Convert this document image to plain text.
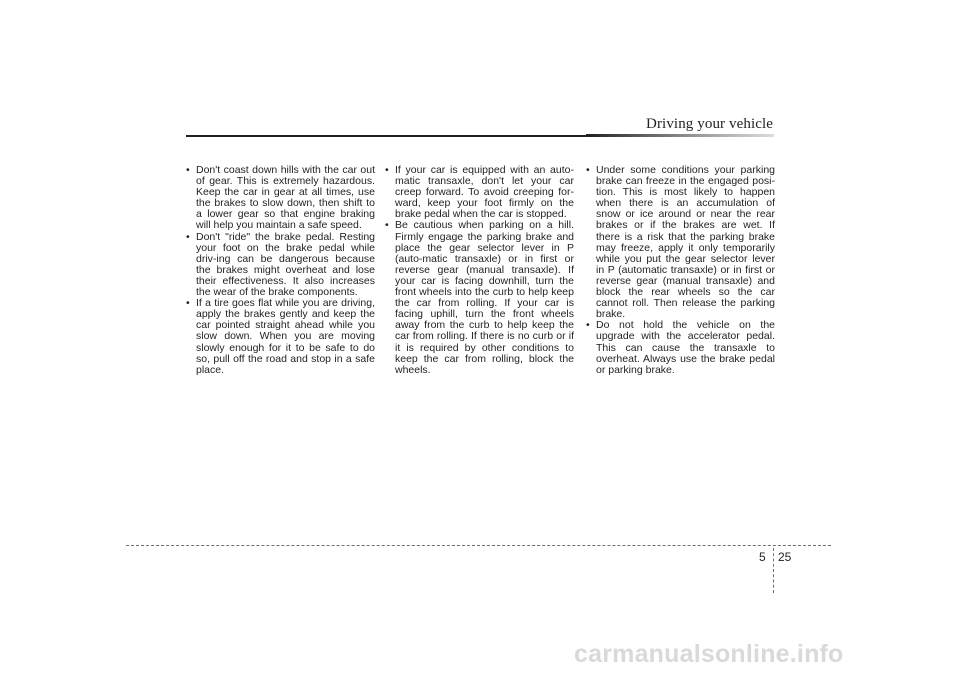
Driving your vehicle
• Don't coast down hills with the car out of gear. This is extremely hazardous. Keep the car in gear at all times, use the brakes to slow down, then shift to a lower gear so that engine braking will help you maintain a safe speed.
• Don't "ride" the brake pedal. Resting your foot on the brake pedal while driv-ing can be dangerous because the brakes might overheat and lose their effectiveness. It also increases the wear of the brake components.
• If a tire goes flat while you are driving, apply the brakes gently and keep the car pointed straight ahead while you slow down. When you are moving slowly enough for it to be safe to do so, pull off the road and stop in a safe place.
• If your car is equipped with an auto-matic transaxle, don't let your car creep forward. To avoid creeping for-ward, keep your foot firmly on the brake pedal when the car is stopped.
• Be cautious when parking on a hill. Firmly engage the parking brake and place the gear selector lever in P (auto-matic transaxle) or in first or reverse gear (manual transaxle). If your car is facing downhill, turn the front wheels into the curb to help keep the car from rolling. If your car is facing uphill, turn the front wheels away from the curb to help keep the car from rolling. If there is no curb or if it is required by other conditions to keep the car from rolling, block the wheels.
• Under some conditions your parking brake can freeze in the engaged posi-tion. This is most likely to happen when there is an accumulation of snow or ice around or near the rear brakes or if the brakes are wet. If there is a risk that the parking brake may freeze, apply it only temporarily while you put the gear selector lever in P (automatic transaxle) or in first or reverse gear (manual transaxle) and block the rear wheels so the car cannot roll. Then release the parking brake.
• Do not hold the vehicle on the upgrade with the accelerator pedal. This can cause the transaxle to overheat. Always use the brake pedal or parking brake.
5 25
carmanualsonline.info
